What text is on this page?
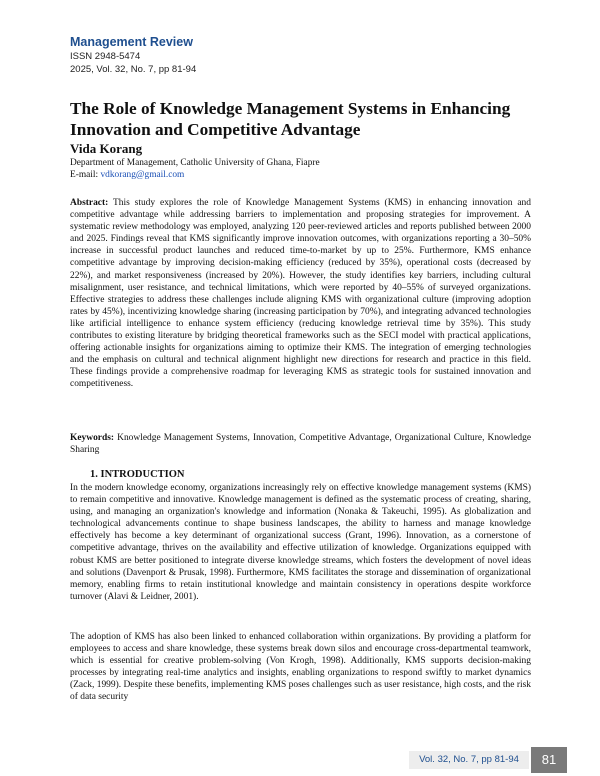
Management Review
ISSN 2948-5474
2025, Vol. 32, No. 7, pp 81-94
The Role of Knowledge Management Systems in Enhancing Innovation and Competitive Advantage
Vida Korang
Department of Management, Catholic University of Ghana, Fiapre
E-mail: vdkorang@gmail.com

Abstract: This study explores the role of Knowledge Management Systems (KMS) in enhancing innovation and competitive advantage while addressing barriers to implementation and proposing strategies for improvement. A systematic review methodology was employed, analyzing 120 peer-reviewed articles and reports published between 2000 and 2025. Findings reveal that KMS significantly improve innovation outcomes, with organizations reporting a 30–50% increase in successful product launches and reduced time-to-market by up to 25%. Furthermore, KMS enhance competitive advantage by improving decision-making efficiency (reduced by 35%), operational costs (decreased by 22%), and market responsiveness (increased by 20%). However, the study identifies key barriers, including cultural misalignment, user resistance, and technical limitations, which were reported by 40–55% of surveyed organizations. Effective strategies to address these challenges include aligning KMS with organizational culture (improving adoption rates by 45%), incentivizing knowledge sharing (increasing participation by 70%), and integrating advanced technologies like artificial intelligence to enhance system efficiency (reducing knowledge retrieval time by 35%). This study contributes to existing literature by bridging theoretical frameworks such as the SECI model with practical applications, offering actionable insights for organizations aiming to optimize their KMS. The integration of emerging technologies and the emphasis on cultural and technical alignment highlight new directions for research and practice in this field. These findings provide a comprehensive roadmap for leveraging KMS as strategic tools for sustained innovation and competitiveness.

Keywords: Knowledge Management Systems, Innovation, Competitive Advantage, Organizational Culture, Knowledge Sharing

1. INTRODUCTION

In the modern knowledge economy, organizations increasingly rely on effective knowledge management systems (KMS) to remain competitive and innovative. Knowledge management is defined as the systematic process of creating, sharing, using, and managing an organization's knowledge and information (Nonaka & Takeuchi, 1995). As globalization and technological advancements continue to shape business landscapes, the ability to harness and manage knowledge effectively has become a key determinant of organizational success (Grant, 1996). Innovation, as a cornerstone of competitive advantage, thrives on the availability and effective utilization of knowledge. Organizations equipped with robust KMS are better positioned to integrate diverse knowledge streams, which fosters the development of novel ideas and solutions (Davenport & Prusak, 1998). Furthermore, KMS facilitates the storage and dissemination of organizational memory, enabling firms to retain institutional knowledge and maintain consistency in operations despite workforce turnover (Alavi & Leidner, 2001).

The adoption of KMS has also been linked to enhanced collaboration within organizations. By providing a platform for employees to access and share knowledge, these systems break down silos and encourage cross-departmental teamwork, which is essential for creative problem-solving (Von Krogh, 1998). Additionally, KMS supports decision-making processes by integrating real-time analytics and insights, enabling organizations to respond swiftly to market dynamics (Zack, 1999). Despite these benefits, implementing KMS poses challenges such as user resistance, high costs, and the risk of data security

Vol. 32, No. 7, pp 81-94	81
